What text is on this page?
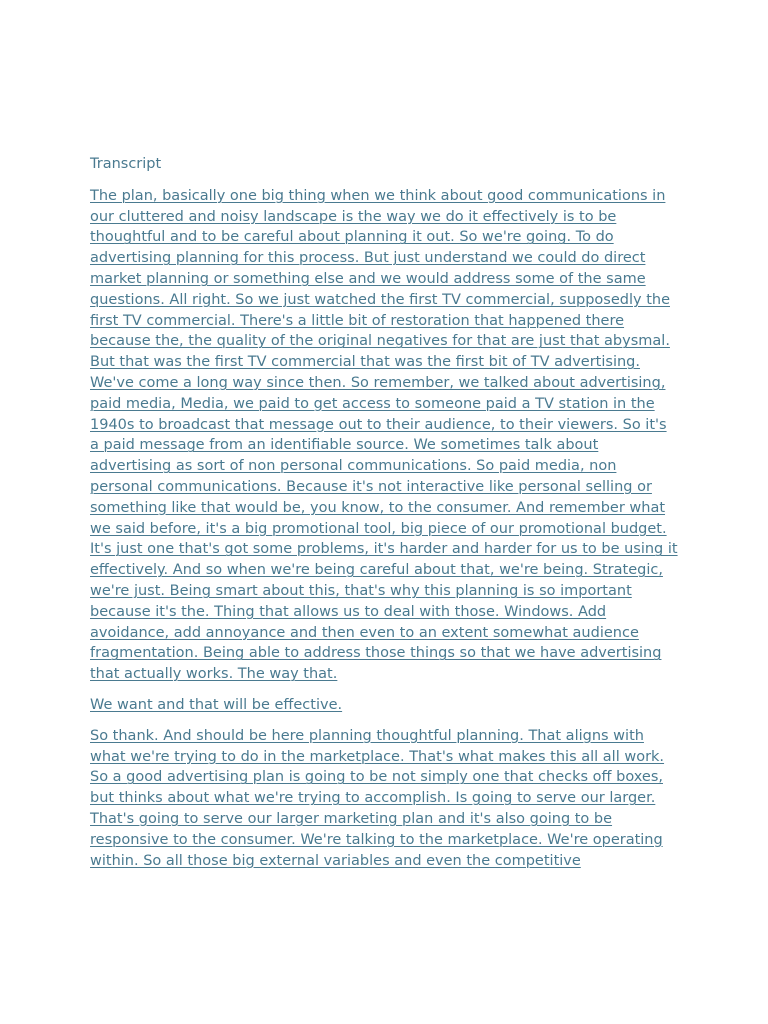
Transcript

The plan, basically one big thing when we think about good communications in our cluttered and noisy landscape is the way we do it effectively is to be thoughtful and to be careful about planning it out. So we're going. To do advertising planning for this process. But just understand we could do direct market planning or something else and we would address some of the same questions. All right. So we just watched the first TV commercial, supposedly the first TV commercial. There's a little bit of restoration that happened there because the, the quality of the original negatives for that are just that abysmal. But that was the first TV commercial that was the first bit of TV advertising. We've come a long way since then. So remember, we talked about advertising, paid media, Media, we paid to get access to someone paid a TV station in the 1940s to broadcast that message out to their audience, to their viewers. So it's a paid message from an identifiable source. We sometimes talk about advertising as sort of non personal communications. So paid media, non personal communications. Because it's not interactive like personal selling or something like that would be, you know, to the consumer. And remember what we said before, it's a big promotional tool, big piece of our promotional budget. It's just one that's got some problems, it's harder and harder for us to be using it effectively. And so when we're being careful about that, we're being. Strategic, we're just. Being smart about this, that's why this planning is so important because it's the. Thing that allows us to deal with those. Windows. Add avoidance, add annoyance and then even to an extent somewhat audience fragmentation. Being able to address those things so that we have advertising that actually works. The way that.

We want and that will be effective.

So thank. And should be here planning thoughtful planning. That aligns with what we're trying to do in the marketplace. That's what makes this all all work. So a good advertising plan is going to be not simply one that checks off boxes, but thinks about what we're trying to accomplish. Is going to serve our larger. That's going to serve our larger marketing plan and it's also going to be responsive to the consumer. We're talking to the marketplace. We're operating within. So all those big external variables and even the competitive
